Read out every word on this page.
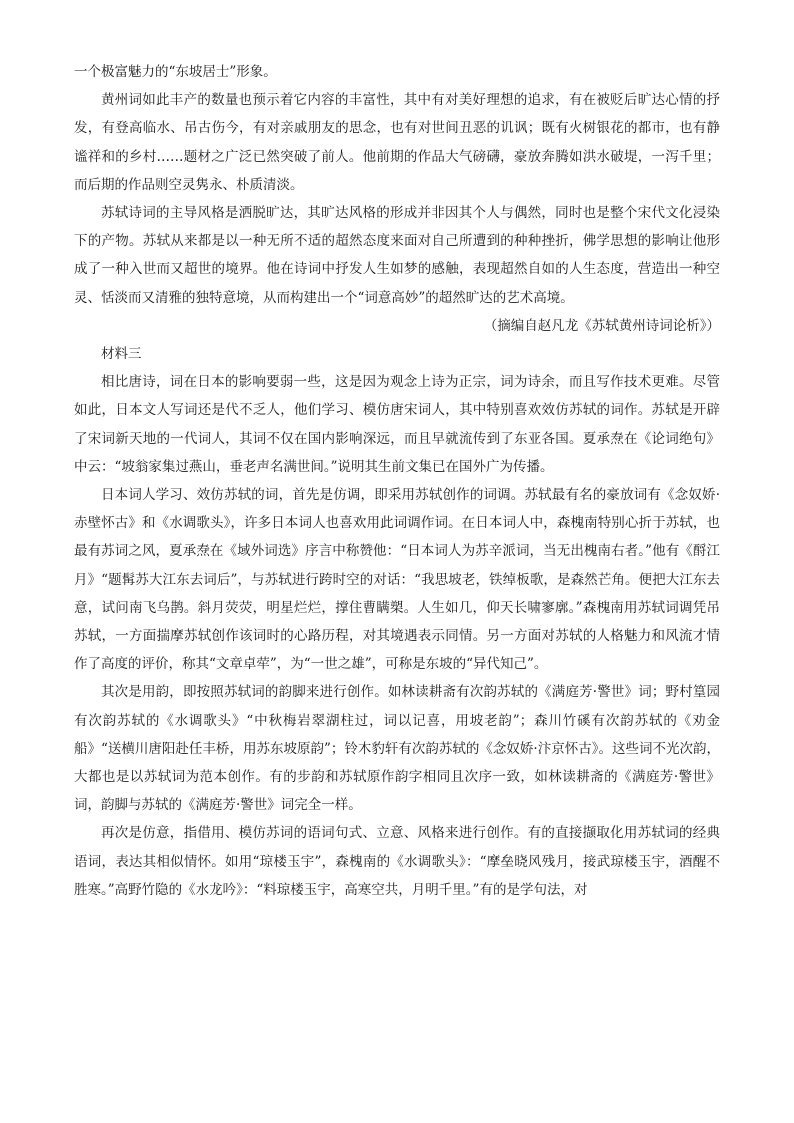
一个极富魅力的“东坡居士”形象。

黄州词如此丰产的数量也预示着它内容的丰富性，其中有对美好理想的追求，有在被贬后旷达心情的抒发，有登高临水、吊古伤今，有对亲戚朋友的思念，也有对世间丑恶的讥讽；既有火树银花的都市，也有静谧祥和的乡村……题材之广泛已然突破了前人。他前期的作品大气磅礴，豪放奔腾如洪水破堤，一泻千里；而后期的作品则空灵隽永、朴质清淡。

苏轼诗词的主导风格是洒脱旷达，其旷达风格的形成并非因其个人与偶然，同时也是整个宋代文化浸染下的产物。苏轼从来都是以一种无所不适的超然态度来面对自己所遭到的种种挫折，佛学思想的影响让他形成了一种入世而又超世的境界。他在诗词中抒发人生如梦的感触，表现超然自如的人生态度，营造出一种空灵、恬淡而又清雅的独特意境，从而构建出一个“词意高妙”的超然旷达的艺术高境。

（摘编自赵凡龙《苏轼黄州诗词论析》）

材料三

相比唐诗，词在日本的影响要弱一些，这是因为观念上诗为正宗，词为诗余，而且写作技术更难。尽管如此，日本文人写词还是代不乏人，他们学习、模仿唐宋词人，其中特别喜欢效仿苏轼的词作。苏轼是开辟了宋词新天地的一代词人，其词不仅在国内影响深远，而且早就流传到了东亚各国。夏承焘在《论词绝句》中云：“坡翁家集过燕山，垂老声名满世间。”说明其生前文集已在国外广为传播。

日本词人学习、效仿苏轼的词，首先是仿调，即采用苏轼创作的词调。苏轼最有名的豪放词有《念奴娇·赤壁怀古》和《水调歌头》，许多日本词人也喜欢用此词调作词。在日本词人中，森槐南特别心折于苏轼，也最有苏词之风，夏承焘在《域外词选》序言中称赞他：“日本词人为苏辛派词，当无出槐南右者。”他有《酹江月》“题髯苏大江东去词后”，与苏轼进行跨时空的对话：“我思坡老，铁绰板歌，是森然芒角。便把大江东去意，试问南飞乌鹊。斜月荧荧，明星烂烂，撑住曹瞒槊。人生如几，仰天长啸寥廓。”森槐南用苏轼词调凭吊苏轼，一方面揣摩苏轼创作该词时的心路历程，对其境遇表示同情。另一方面对苏轼的人格魅力和风流才情作了高度的评价，称其“文章卓荦”，为“一世之雄”，可称是东坡的“异代知己”。

其次是用韵，即按照苏轼词的韵脚来进行创作。如林读耕斋有次韵苏轼的《满庭芳·警世》词；野村篁园有次韵苏轼的《水调歌头》“中秋梅岩翠湖柱过，词以记喜，用坡老韵”；森川竹磎有次韵苏轼的《劝金船》“送横川唐阳赴任丰桥，用苏东坡原韵”；铃木豹轩有次韵苏轼的《念奴娇·汴京怀古》。这些词不光次韵，大都也是以苏轼词为范本创作。有的步韵和苏轼原作韵字相同且次序一致，如林读耕斋的《满庭芳·警世》词，韵脚与苏轼的《满庭芳·警世》词完全一样。

再次是仿意，指借用、模仿苏词的语词句式、立意、风格来进行创作。有的直接撷取化用苏轼词的经典语词，表达其相似情怀。如用“琼楼玉宇”，森槐南的《水调歌头》：“摩垒晓风残月，接武琼楼玉宇，酒醒不胜寒。”高野竹隐的《水龙吟》：“料琼楼玉宇，高寒空共，月明千里。”有的是学句法，对
